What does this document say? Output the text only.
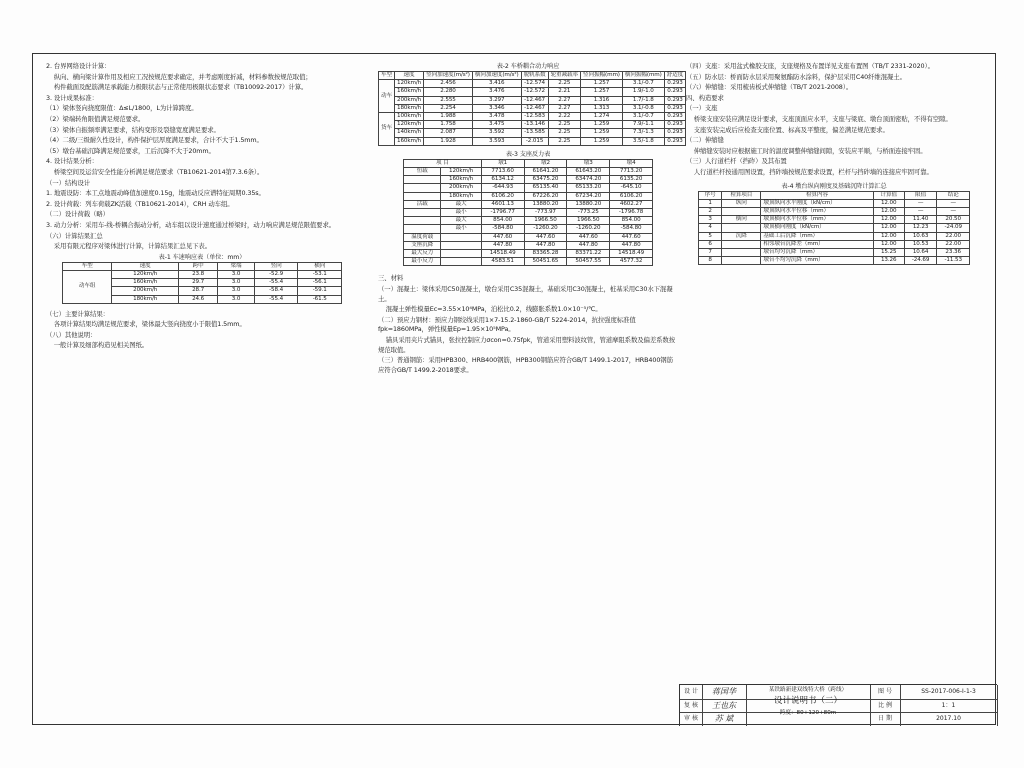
2. 台界网络设计计算：

纵向、横向梁计算作用及相应工况按规范要求确定，并考虑刚度折减，材料参数按规范取值；

构件截面及配筋满足承载能力极限状态与正常使用极限状态要求（TB10092-2017）计算。

3. 设计成果标准：

（1）梁体竖向挠度限值：Δ≤L/1800，L为计算跨度。

（2）梁端转角限值满足规范要求。

（3）梁体自振频率满足要求，结构变形及裂缝宽度满足要求。

（4）二级/三级耐久性设计，构件保护层厚度满足要求，合计不大于1.5mm。

（5）墩台基础沉降满足规范要求，工后沉降不大于20mm。

4. 设计结果分析：

桥梁空间及运营安全性能分析满足规范要求（TB10621-2014第7.3.6条）。

（一）结构设计

1. 地震设防：本工点地震动峰值加速度0.15g，地震动反应谱特征周期0.35s。

2. 设计荷载：列车荷载ZK活载（TB10621-2014），CRH 动车组。

（二）设计荷载（略）

3. 动力分析：采用车-线-桥耦合振动分析，动车组以设计速度通过桥梁时，动力响应满足规范限值要求。

（六）计算结果汇总

采用有限元程序对梁体进行计算，计算结果汇总见下表。

表-1 车速响应表（单位：mm）
车型	速度	跨中	梁端	竖向	横向
动车组	120km/h	23.8	3.0	-52.9	-53.1
	160km/h	29.7	3.0	-55.4	-56.1
	200km/h	28.7	3.0	-58.4	-59.1
	180km/h	24.6	3.0	-55.4	-61.5

（七）主要计算结果：

各项计算结果均满足规范要求，梁体最大竖向挠度小于限值1.5mm。

（八）其他说明：

一般计算及细部构造见相关图纸。

表-2 车桥耦合动力响应
车型	速度	竖向加速度(m/s²)	横向加速度(m/s²)	脱轨系数	轮重减载率	竖向振幅(mm)	横向振幅(mm)	舒适度
动车	120km/h	2.456	3.416	-12.574	2.25	1.257	3.1/-0.7	0.293
	160km/h	2.280	3.476	-12.572	2.21	1.257	1.9/-1.0	0.293
	200km/h	2.555	3.297	-12.467	2.27	1.316	1.7/-1.8	0.293
	180km/h	2.254	3.346	-12.467	2.27	1.313	3.1/-0.8	0.293
货车	100km/h	1.988	3.478	-12.583	2.22	1.274	3.1/-0.7	0.293
	120km/h	1.758	3.475	-13.146	2.25	1.259	7.9/-1.1	0.293
	140km/h	2.087	3.592	-13.585	2.25	1.259	7.3/-1.3	0.293
	160km/h	1.928	3.593	-2.015	2.25	1.259	3.5/-1.8	0.293
表-3 支座反力表
项 目		墩1	墩2	墩3	墩4
恒载	120km/h	7713.60	61641.20	61643.20	7713.20
	160km/h	6134.12	63475.20	63474.20	6135.20
	200km/h	-644.93	65135.40	65133.20	-645.10
	180km/h	6106.20	67226.20	67234.20	6106.20
活载	最大	4601.13	13880.20	13880.20	4602.27
	最小	-1796.77	-773.97	-773.25	-1796.78
	最大	854.00	1966.50	1966.50	854.00
	最小	-584.80	-1260.20	-1260.20	-584.80
温度荷载		447.60	447.60	447.60	447.60
支座沉降		447.80	447.80	447.80	447.80
最大反力		14518.49	83365.28	83371.22	14518.49
最小反力		4583.51	50451.65	50457.55	4577.32

三、材料

（一）混凝土：梁体采用C50混凝土，墩台采用C35混凝土，基础采用C30混凝土，桩基采用C30水下混凝土。

混凝土弹性模量Ec=3.55×10⁴MPa，泊松比0.2，线膨胀系数1.0×10⁻⁵/℃。

（二）预应力钢材：预应力钢绞线采用1×7-15.2-1860-GB/T 5224-2014，抗拉强度标准值fpk=1860MPa，弹性模量Ep=1.95×10⁵MPa。

锚具采用夹片式锚具，张拉控制应力σcon=0.75fpk，管道采用塑料波纹管，管道摩阻系数及偏差系数按规范取值。

（三）普通钢筋：采用HPB300、HRB400钢筋，HPB300钢筋应符合GB/T 1499.1-2017，HRB400钢筋应符合GB/T 1499.2-2018要求。

（四）支座：采用盆式橡胶支座，支座规格及布置详见支座布置图（TB/T 2331-2020）。

（五）防水层：桥面防水层采用聚氨酯防水涂料，保护层采用C40纤维混凝土。

（六）伸缩缝：采用梳齿板式伸缩缝（TB/T 2021-2008）。

四、构造要求

（一）支座

桥梁支座安装应满足设计要求，支座顶面应水平，支座与梁底、墩台顶面密贴，不得有空隙。

支座安装完成后应检查支座位置、标高及平整度，偏差满足规范要求。

（二）伸缩缝

伸缩缝安装时应根据施工时的温度调整伸缩缝间隙，安装应平顺，与桥面连接牢固。

（三）人行道栏杆（挡砟）及其布置

人行道栏杆按通用图设置，挡砟墙按规范要求设置，栏杆与挡砟墙的连接应牢固可靠。

表-4 墩台纵向刚度及基础沉降计算汇总
序号	检算项目	检算内容	计算值	限值	结论
1	纵向	墩顶纵向水平刚度（kN/cm）	12.00	—	—
2		墩顶纵向水平位移（mm）	12.00	—	—
3	横向	墩顶横向水平位移（mm）	12.00	11.40	20.50
4		墩顶横向刚度（kN/cm）	12.00	12.23	-24.09
5	沉降	基础工后沉降（mm）	12.00	10.63	22.00
6		相邻墩台沉降差（mm）	12.00	10.53	22.00
7		墩台均匀沉降（mm）	15.25	10.64	23.36
8		墩台不均匀沉降（mm）	13.26	-24.69	-11.53
设 计	蒋国华	图 号	SS-2017-006-Ⅰ-1-3
复 核	王也东	比 例	1：1
审 核	苏 斌	日 期	2017.10
某铁路新建双线特大桥（跨线）
设计说明书（二）
跨度：80+120+80m
